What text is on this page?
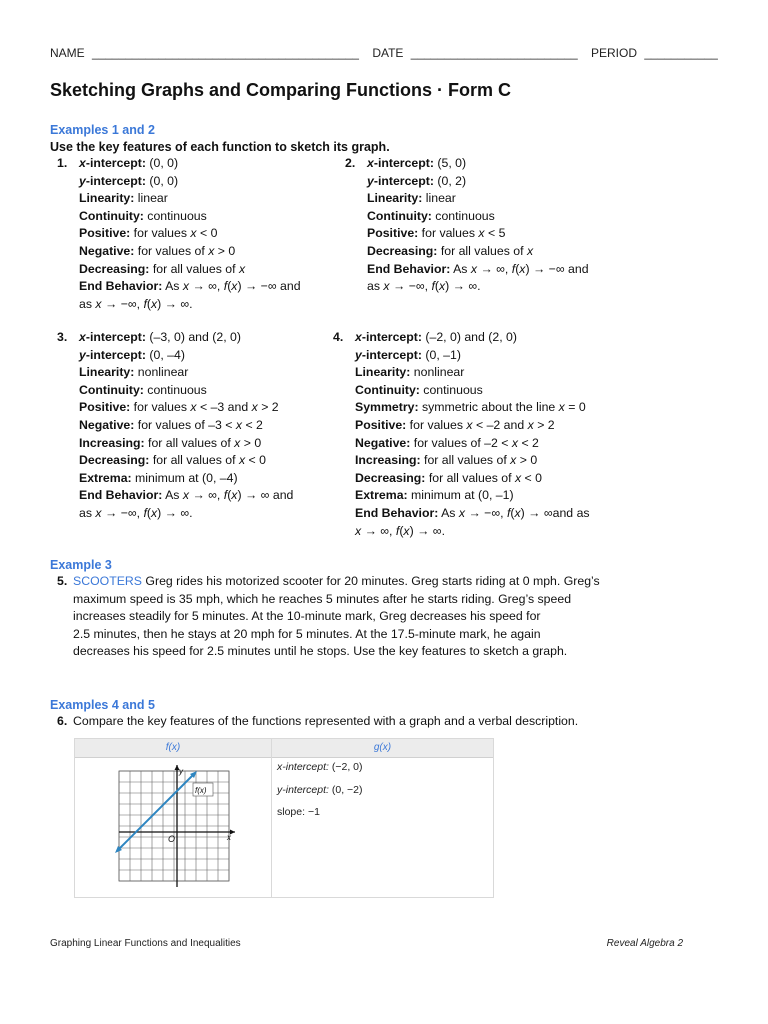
NAME ________________________________________ DATE _________________________ PERIOD ___________
Sketching Graphs and Comparing Functions · Form C
Examples 1 and 2
Use the key features of each function to sketch its graph.
1. x-intercept: (0, 0)
y-intercept: (0, 0)
Linearity: linear
Continuity: continuous
Positive: for values x < 0
Negative: for values of x > 0
Decreasing: for all values of x
End Behavior: As x → ∞, f(x) → −∞ and
as x → −∞, f(x) → ∞.
2. x-intercept: (5, 0)
y-intercept: (0, 2)
Linearity: linear
Continuity: continuous
Positive: for values x < 5
Decreasing: for all values of x
End Behavior: As x → ∞, f(x) → −∞ and
as x → −∞, f(x) → ∞.
3. x-intercept: (–3, 0) and (2, 0)
y-intercept: (0, –4)
Linearity: nonlinear
Continuity: continuous
Positive: for values x < –3 and x > 2
Negative: for values of –3 < x < 2
Increasing: for all values of x > 0
Decreasing: for all values of x < 0
Extrema: minimum at (0, –4)
End Behavior: As x → ∞, f(x) → ∞ and
as x → −∞, f(x) → ∞.
4. x-intercept: (–2, 0) and (2, 0)
y-intercept: (0, –1)
Linearity: nonlinear
Continuity: continuous
Symmetry: symmetric about the line x = 0
Positive: for values x < –2 and x > 2
Negative: for values of –2 < x < 2
Increasing: for all values of x > 0
Decreasing: for all values of x < 0
Extrema: minimum at (0, –1)
End Behavior: As x → −∞, f(x) → ∞and as
x → ∞, f(x) → ∞.
Example 3
5. SCOOTERS Greg rides his motorized scooter for 20 minutes. Greg starts riding at 0 mph. Greg’s
maximum speed is 35 mph, which he reaches 5 minutes after he starts riding. Greg’s speed
increases steadily for 5 minutes. At the 10-minute mark, Greg decreases his speed for
2.5 minutes, then he stays at 20 mph for 5 minutes. At the 17.5-minute mark, he again
decreases his speed for 2.5 minutes until he stops. Use the key features to sketch a graph.
Examples 4 and 5
6. Compare the key features of the functions represented with a graph and a verbal description.
f(x)	g(x)
f(x)
y
x
O
x-intercept: (−2, 0)
y-intercept: (0, −2)
slope: −1
Graphing Linear Functions and Inequalities	Reveal Algebra 2
